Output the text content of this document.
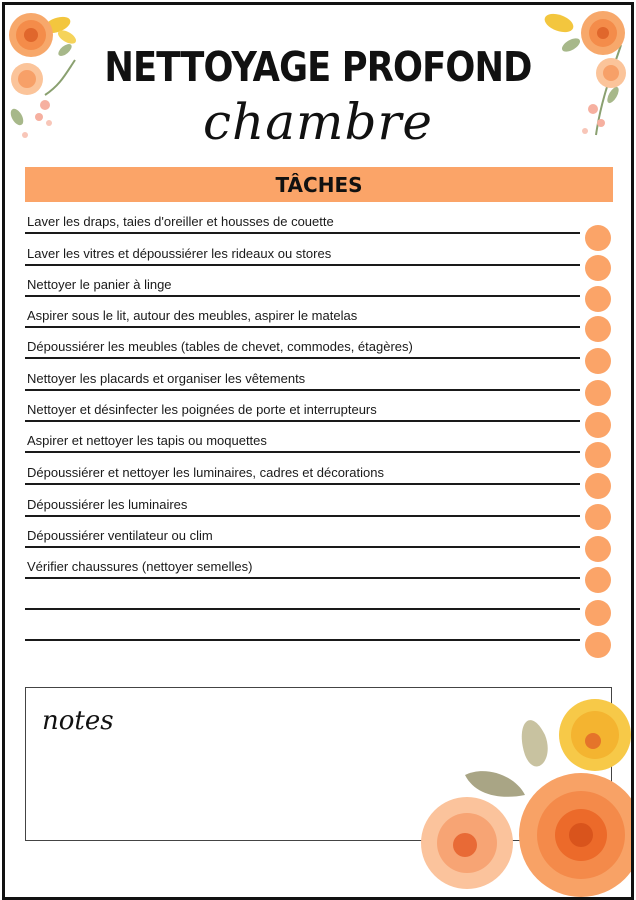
NETTOYAGE PROFOND
chambre
TÂCHES
Laver les draps, taies d'oreiller et housses de couette
Laver les vitres et dépoussiérer les rideaux ou stores
Nettoyer le panier à linge
Aspirer sous le lit, autour des meubles, aspirer le matelas
Dépoussiérer les meubles (tables de chevet, commodes, étagères)
Nettoyer les placards et organiser les vêtements
Nettoyer et désinfecter les poignées de porte et interrupteurs
Aspirer et nettoyer les tapis ou moquettes
Dépoussiérer et nettoyer les luminaires, cadres et décorations
Dépoussiérer les luminaires
Dépoussiérer ventilateur ou clim
Vérifier chaussures (nettoyer semelles)
notes
